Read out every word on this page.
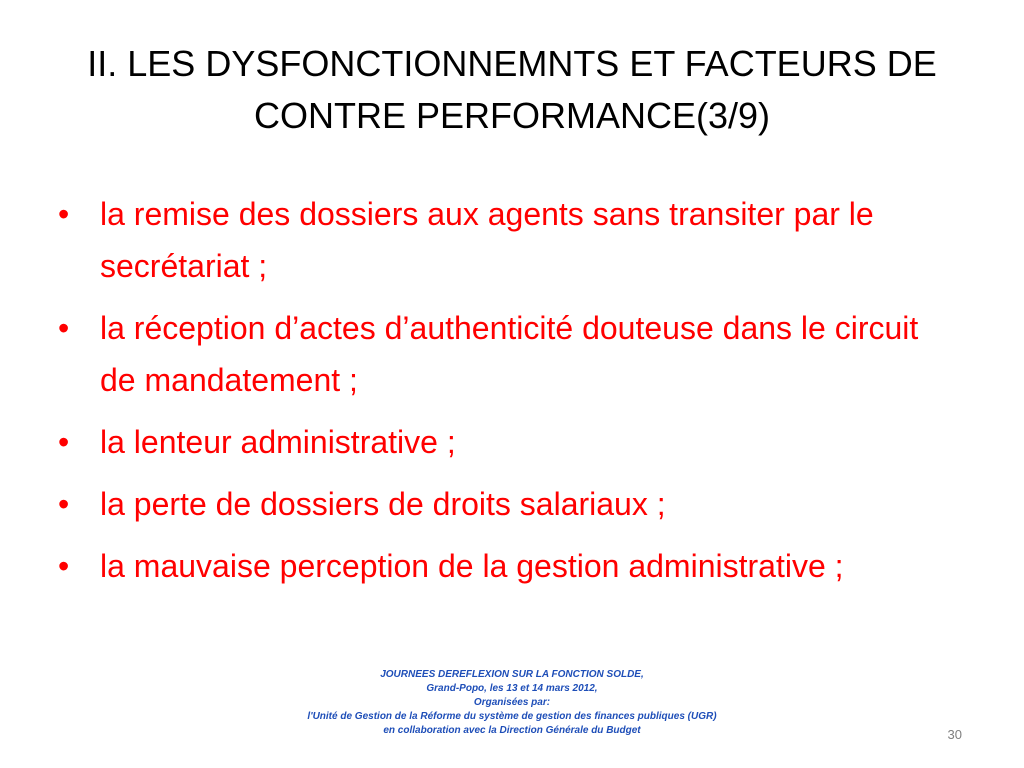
II. LES DYSFONCTIONNEMNTS ET FACTEURS DE
CONTRE PERFORMANCE(3/9)
• la remise des dossiers aux agents sans transiter par le secrétariat ;
• la réception d’actes d’authenticité douteuse dans le circuit de mandatement ;
• la lenteur administrative ;
• la perte de dossiers de droits salariaux ;
• la mauvaise perception de la gestion administrative ;
JOURNEES DEREFLEXION SUR LA FONCTION SOLDE,
Grand-Popo, les 13 et 14 mars 2012,
Organisées par:
l'Unité de Gestion de la Réforme du système de gestion des finances publiques (UGR)
en collaboration avec la Direction Générale du Budget	30
